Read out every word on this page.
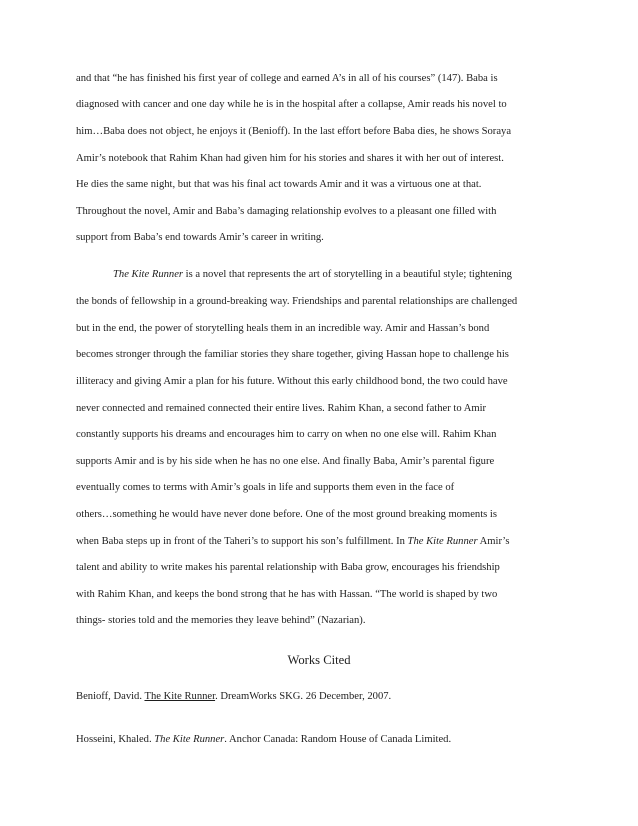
and that “he has finished his first year of college and earned A’s in all of his courses” (147). Baba is
diagnosed with cancer and one day while he is in the hospital after a collapse, Amir reads his novel to
him…Baba does not object, he enjoys it (Benioff). In the last effort before Baba dies, he shows Soraya
Amir’s notebook that Rahim Khan had given him for his stories and shares it with her out of interest.
He dies the same night, but that was his final act towards Amir and it was a virtuous one at that.
Throughout the novel, Amir and Baba’s damaging relationship evolves to a pleasant one filled with
support from Baba’s end towards Amir’s career in writing.
The Kite Runner is a novel that represents the art of storytelling in a beautiful style; tightening
the bonds of fellowship in a ground-breaking way. Friendships and parental relationships are challenged
but in the end, the power of storytelling heals them in an incredible way. Amir and Hassan’s bond
becomes stronger through the familiar stories they share together, giving Hassan hope to challenge his
illiteracy and giving Amir a plan for his future. Without this early childhood bond, the two could have
never connected and remained connected their entire lives. Rahim Khan, a second father to Amir
constantly supports his dreams and encourages him to carry on when no one else will. Rahim Khan
supports Amir and is by his side when he has no one else. And finally Baba, Amir’s parental figure
eventually comes to terms with Amir’s goals in life and supports them even in the face of
others…something he would have never done before. One of the most ground breaking moments is
when Baba steps up in front of the Taheri’s to support his son’s fulfillment. In The Kite Runner Amir’s
talent and ability to write makes his parental relationship with Baba grow, encourages his friendship
with Rahim Khan, and keeps the bond strong that he has with Hassan. “The world is shaped by two
things- stories told and the memories they leave behind” (Nazarian).
Works Cited
Benioff, David. The Kite Runner. DreamWorks SKG. 26 December, 2007.
Hosseini, Khaled. The Kite Runner. Anchor Canada: Random House of Canada Limited.
